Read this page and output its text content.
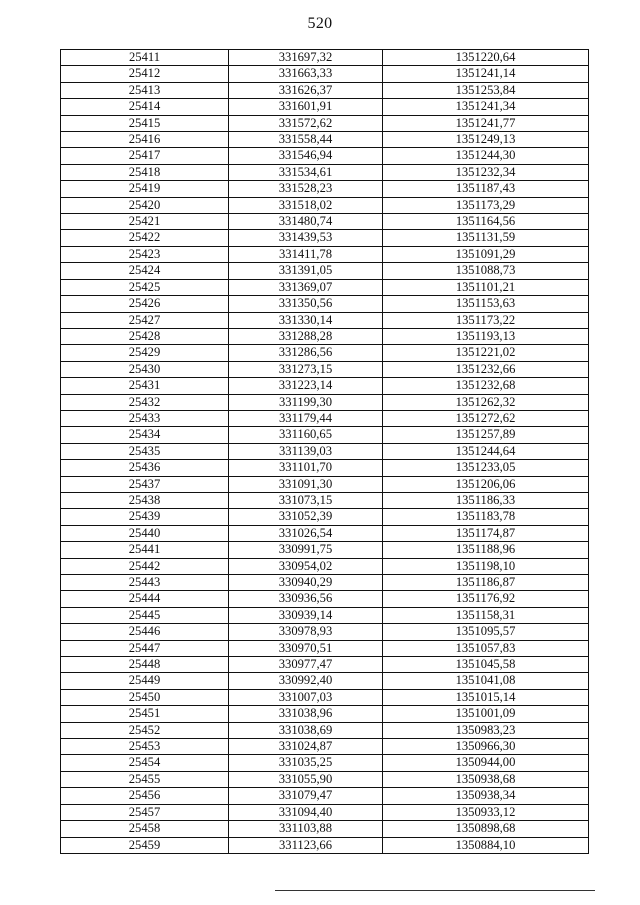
520
25411	331697,32	1351220,64
25412	331663,33	1351241,14
25413	331626,37	1351253,84
25414	331601,91	1351241,34
25415	331572,62	1351241,77
25416	331558,44	1351249,13
25417	331546,94	1351244,30
25418	331534,61	1351232,34
25419	331528,23	1351187,43
25420	331518,02	1351173,29
25421	331480,74	1351164,56
25422	331439,53	1351131,59
25423	331411,78	1351091,29
25424	331391,05	1351088,73
25425	331369,07	1351101,21
25426	331350,56	1351153,63
25427	331330,14	1351173,22
25428	331288,28	1351193,13
25429	331286,56	1351221,02
25430	331273,15	1351232,66
25431	331223,14	1351232,68
25432	331199,30	1351262,32
25433	331179,44	1351272,62
25434	331160,65	1351257,89
25435	331139,03	1351244,64
25436	331101,70	1351233,05
25437	331091,30	1351206,06
25438	331073,15	1351186,33
25439	331052,39	1351183,78
25440	331026,54	1351174,87
25441	330991,75	1351188,96
25442	330954,02	1351198,10
25443	330940,29	1351186,87
25444	330936,56	1351176,92
25445	330939,14	1351158,31
25446	330978,93	1351095,57
25447	330970,51	1351057,83
25448	330977,47	1351045,58
25449	330992,40	1351041,08
25450	331007,03	1351015,14
25451	331038,96	1351001,09
25452	331038,69	1350983,23
25453	331024,87	1350966,30
25454	331035,25	1350944,00
25455	331055,90	1350938,68
25456	331079,47	1350938,34
25457	331094,40	1350933,12
25458	331103,88	1350898,68
25459	331123,66	1350884,10
